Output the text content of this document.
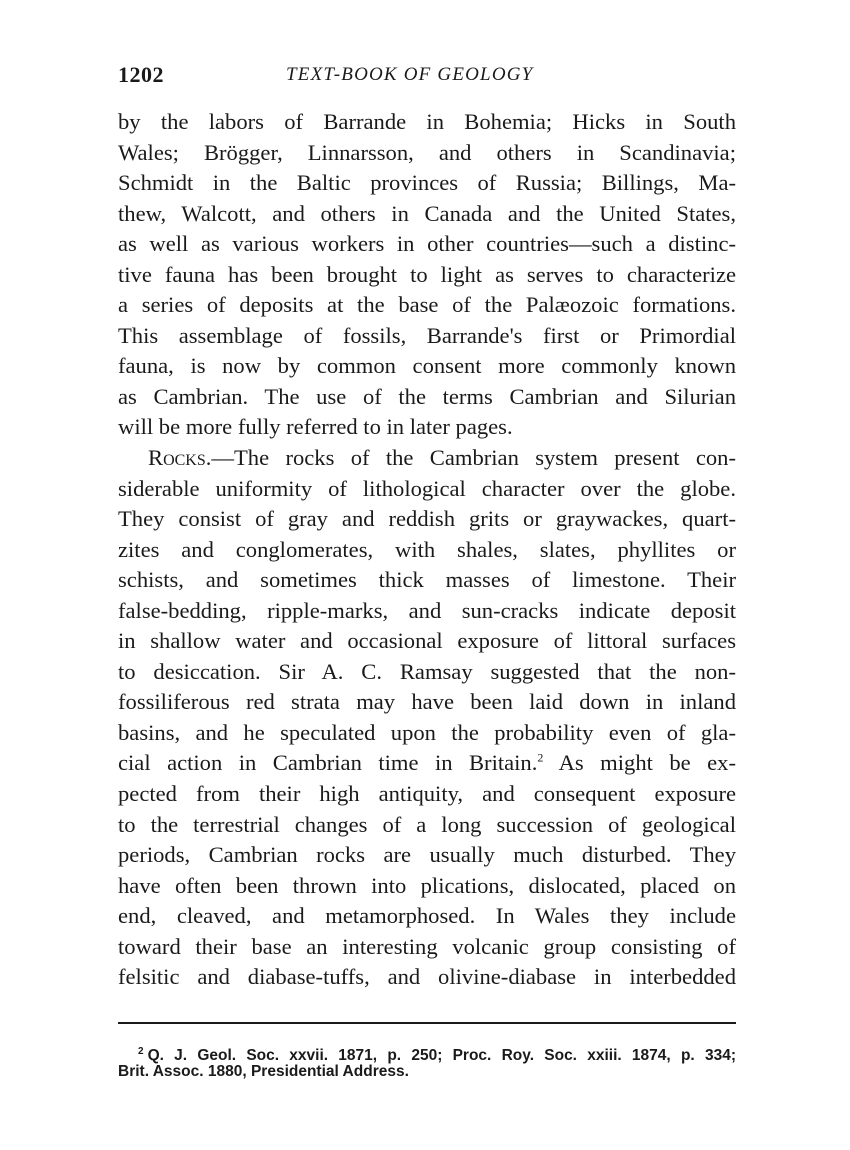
1202	TEXT-BOOK OF GEOLOGY
by the labors of Barrande in Bohemia; Hicks in South
Wales; Brögger, Linnarsson, and others in Scandinavia;
Schmidt in the Baltic provinces of Russia; Billings, Ma-
thew, Walcott, and others in Canada and the United States,
as well as various workers in other countries—such a distinc-
tive fauna has been brought to light as serves to characterize
a series of deposits at the base of the Palæozoic formations.
This assemblage of fossils, Barrande's first or Primordial
fauna, is now by common consent more commonly known
as Cambrian. The use of the terms Cambrian and Silurian
will be more fully referred to in later pages.
Rocks.—The rocks of the Cambrian system present con-
siderable uniformity of lithological character over the globe.
They consist of gray and reddish grits or graywackes, quart-
zites and conglomerates, with shales, slates, phyllites or
schists, and sometimes thick masses of limestone. Their
false-bedding, ripple-marks, and sun-cracks indicate deposit
in shallow water and occasional exposure of littoral surfaces
to desiccation. Sir A. C. Ramsay suggested that the non-
fossiliferous red strata may have been laid down in inland
basins, and he speculated upon the probability even of gla-
cial action in Cambrian time in Britain.$^2$ As might be ex-
pected from their high antiquity, and consequent exposure
to the terrestrial changes of a long succession of geological
periods, Cambrian rocks are usually much disturbed. They
have often been thrown into plications, dislocated, placed on
end, cleaved, and metamorphosed. In Wales they include
toward their base an interesting volcanic group consisting of
felsitic and diabase-tuffs, and olivine-diabase in interbedded
$^2$ Q. J. Geol. Soc. xxvii. 1871, p. 250; Proc. Roy. Soc. xxiii. 1874, p. 334;
Brit. Assoc. 1880, Presidential Address.
